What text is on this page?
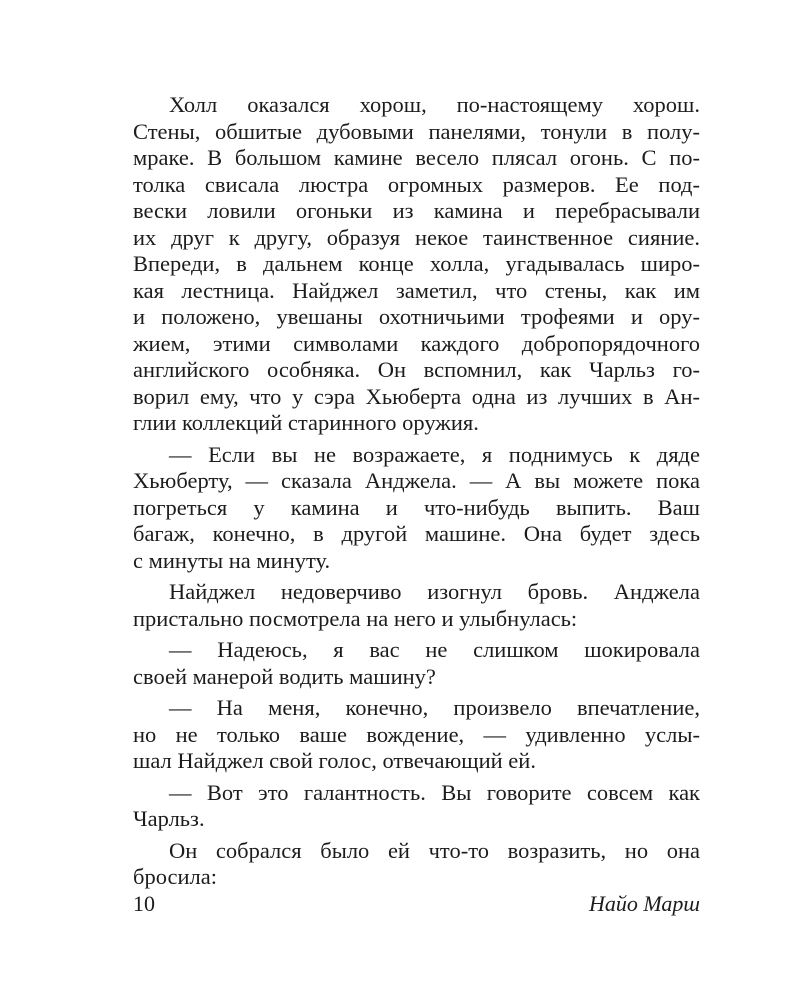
Холл оказался хорош, по-настоящему хорош.
Стены, обшитые дубовыми панелями, тонули в полу-
мраке. В большом камине весело плясал огонь. С по-
толка свисала люстра огромных размеров. Ее под-
вески ловили огоньки из камина и перебрасывали
их друг к другу, образуя некое таинственное сияние.
Впереди, в дальнем конце холла, угадывалась широ-
кая лестница. Найджел заметил, что стены, как им
и положено, увешаны охотничьими трофеями и ору-
жием, этими символами каждого добропорядочного
английского особняка. Он вспомнил, как Чарльз го-
ворил ему, что у сэра Хьюберта одна из лучших в Ан-
глии коллекций старинного оружия.
— Если вы не возражаете, я поднимусь к дяде
Хьюберту, — сказала Анджела. — А вы можете пока
погреться у камина и что-нибудь выпить. Ваш
багаж, конечно, в другой машине. Она будет здесь
с минуты на минуту.
Найджел недоверчиво изогнул бровь. Анджела
пристально посмотрела на него и улыбнулась:
— Надеюсь, я вас не слишком шокировала
своей манерой водить машину?
— На меня, конечно, произвело впечатление,
но не только ваше вождение, — удивленно услы-
шал Найджел свой голос, отвечающий ей.
— Вот это галантность. Вы говорите совсем как
Чарльз.
Он собрался было ей что-то возразить, но она
бросила:
10	Найо Марш
